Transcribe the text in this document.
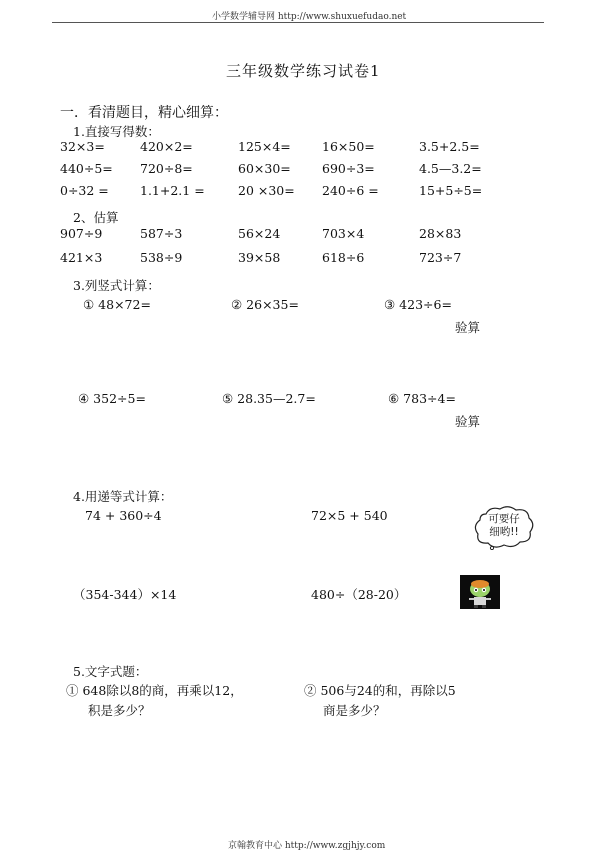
小学数学辅导网 http://www.shuxuefudao.net
三年级数学练习试卷1
一．看清题目，精心细算：
1.直接写得数：
32×3=	420×2=	125×4= 16×50=	3.5+2.5=
440÷5= 720÷8=	60×30= 690÷3=	4.5—3.2=
0÷32 = 1.1+2.1 =	20 ×30= 240÷6 =	15+5÷5=
2、估算
907÷9	587÷3	56×24	703×4	28×83
421×3	538÷9	39×58	618÷6	723÷7
3.列竖式计算：
① 48×72=	② 26×35=	③ 423÷6=
验算
④ 352÷5=	⑤ 28.35—2.7=	⑥ 783÷4=
验算
4.用递等式计算：
74 + 360÷4	72×5 + 540
（354-344）×14	480÷（28-20）
可要仔
细哟!!
5.文字式题：
① 648除以8的商，再乘以12，
积是多少？
② 506与24的和，再除以5
商是多少？
京翰教育中心 http://www.zgjhjy.com
